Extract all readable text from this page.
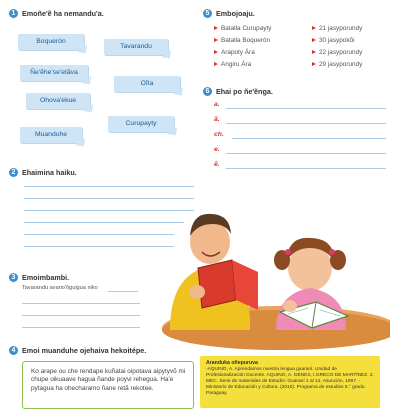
1 Emoñe'ẽ ha nemandu'a.
Boquerón
Tavarandu
Ñe'ẽhe'se'etãva
Oĩta
Ohova'ekue
Curupayty
Muanduhe
2 Ehaimina haiku.
3 Emoimbambi.
Tavarandu avano'õguigua niko
4 Emoi muanduhe ojehaiva hekoitépe.
Ko arape ou che rendape kuñatai oipotava aipytyvõ mi chupe oikuaave hagua ñande poyvi rehegua. Ha'e pytagua ha ohecharamo ñane retã rekotee.
5 Embojoaju.
Batalla Curupayty	21 jasyporundy
Batalla Boquerón	30 jasypokõi
Arapoty Ára	22 jasyporundy
Angiru Ára	29 jasyporundy
6 Ehai po ñe'ẽnga.
a.
ã.
ch.
e.
ẽ.
Aranduka oñepuruva
-AQUINO, A. Aprendamos nuestra lengua guaraní. Unidad de Profesionalización Docente. AQUINO, A. GÉNES, I.GRECO DE MARTÍNEZ, 2. MEC. Serie de materiales de Estudio: Guaraní 1 al 12. Asunción, 1997. -Ministerio de Educación y Cultura. (2010). Programa de estudios 6.° grado. Paraguay.
